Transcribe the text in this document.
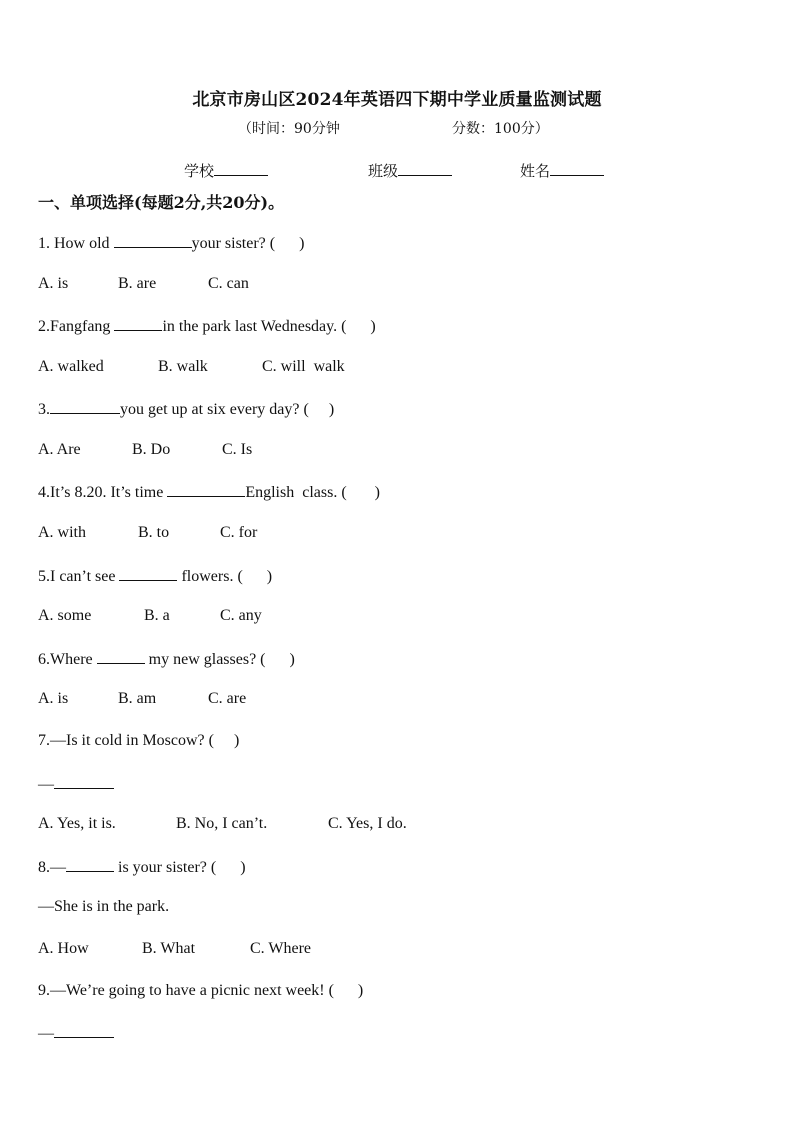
北京市房山区2024年英语四下期中学业质量监测试题
（时间：90分钟	分数：100分）
学校	班级	姓名
一、单项选择(每题2分,共20分)。
1. How old	your sister? (      )
A. is	B. are	C. can
2.Fangfang	in the park last Wednesday. (      )
A. walked	B. walk	C. will  walk
3.	you get up at six every day? (     )
A. Are	B. Do	C. Is
4.It’s 8.20. It’s time	English  class. (       )
A. with	B. to	C. for
5.I can’t see	flowers. (      )
A. some	B. a	C. any
6.Where	my new glasses? (      )
A. is	B. am	C. are
7.—Is it cold in Moscow? (     )
—
A. Yes, it is.	B. No, I can’t.	C. Yes, I do.
8.—	is your sister? (      )
—She is in the park.
A. How	B. What	C. Where
9.—We’re going to have a picnic next week! (      )
—
